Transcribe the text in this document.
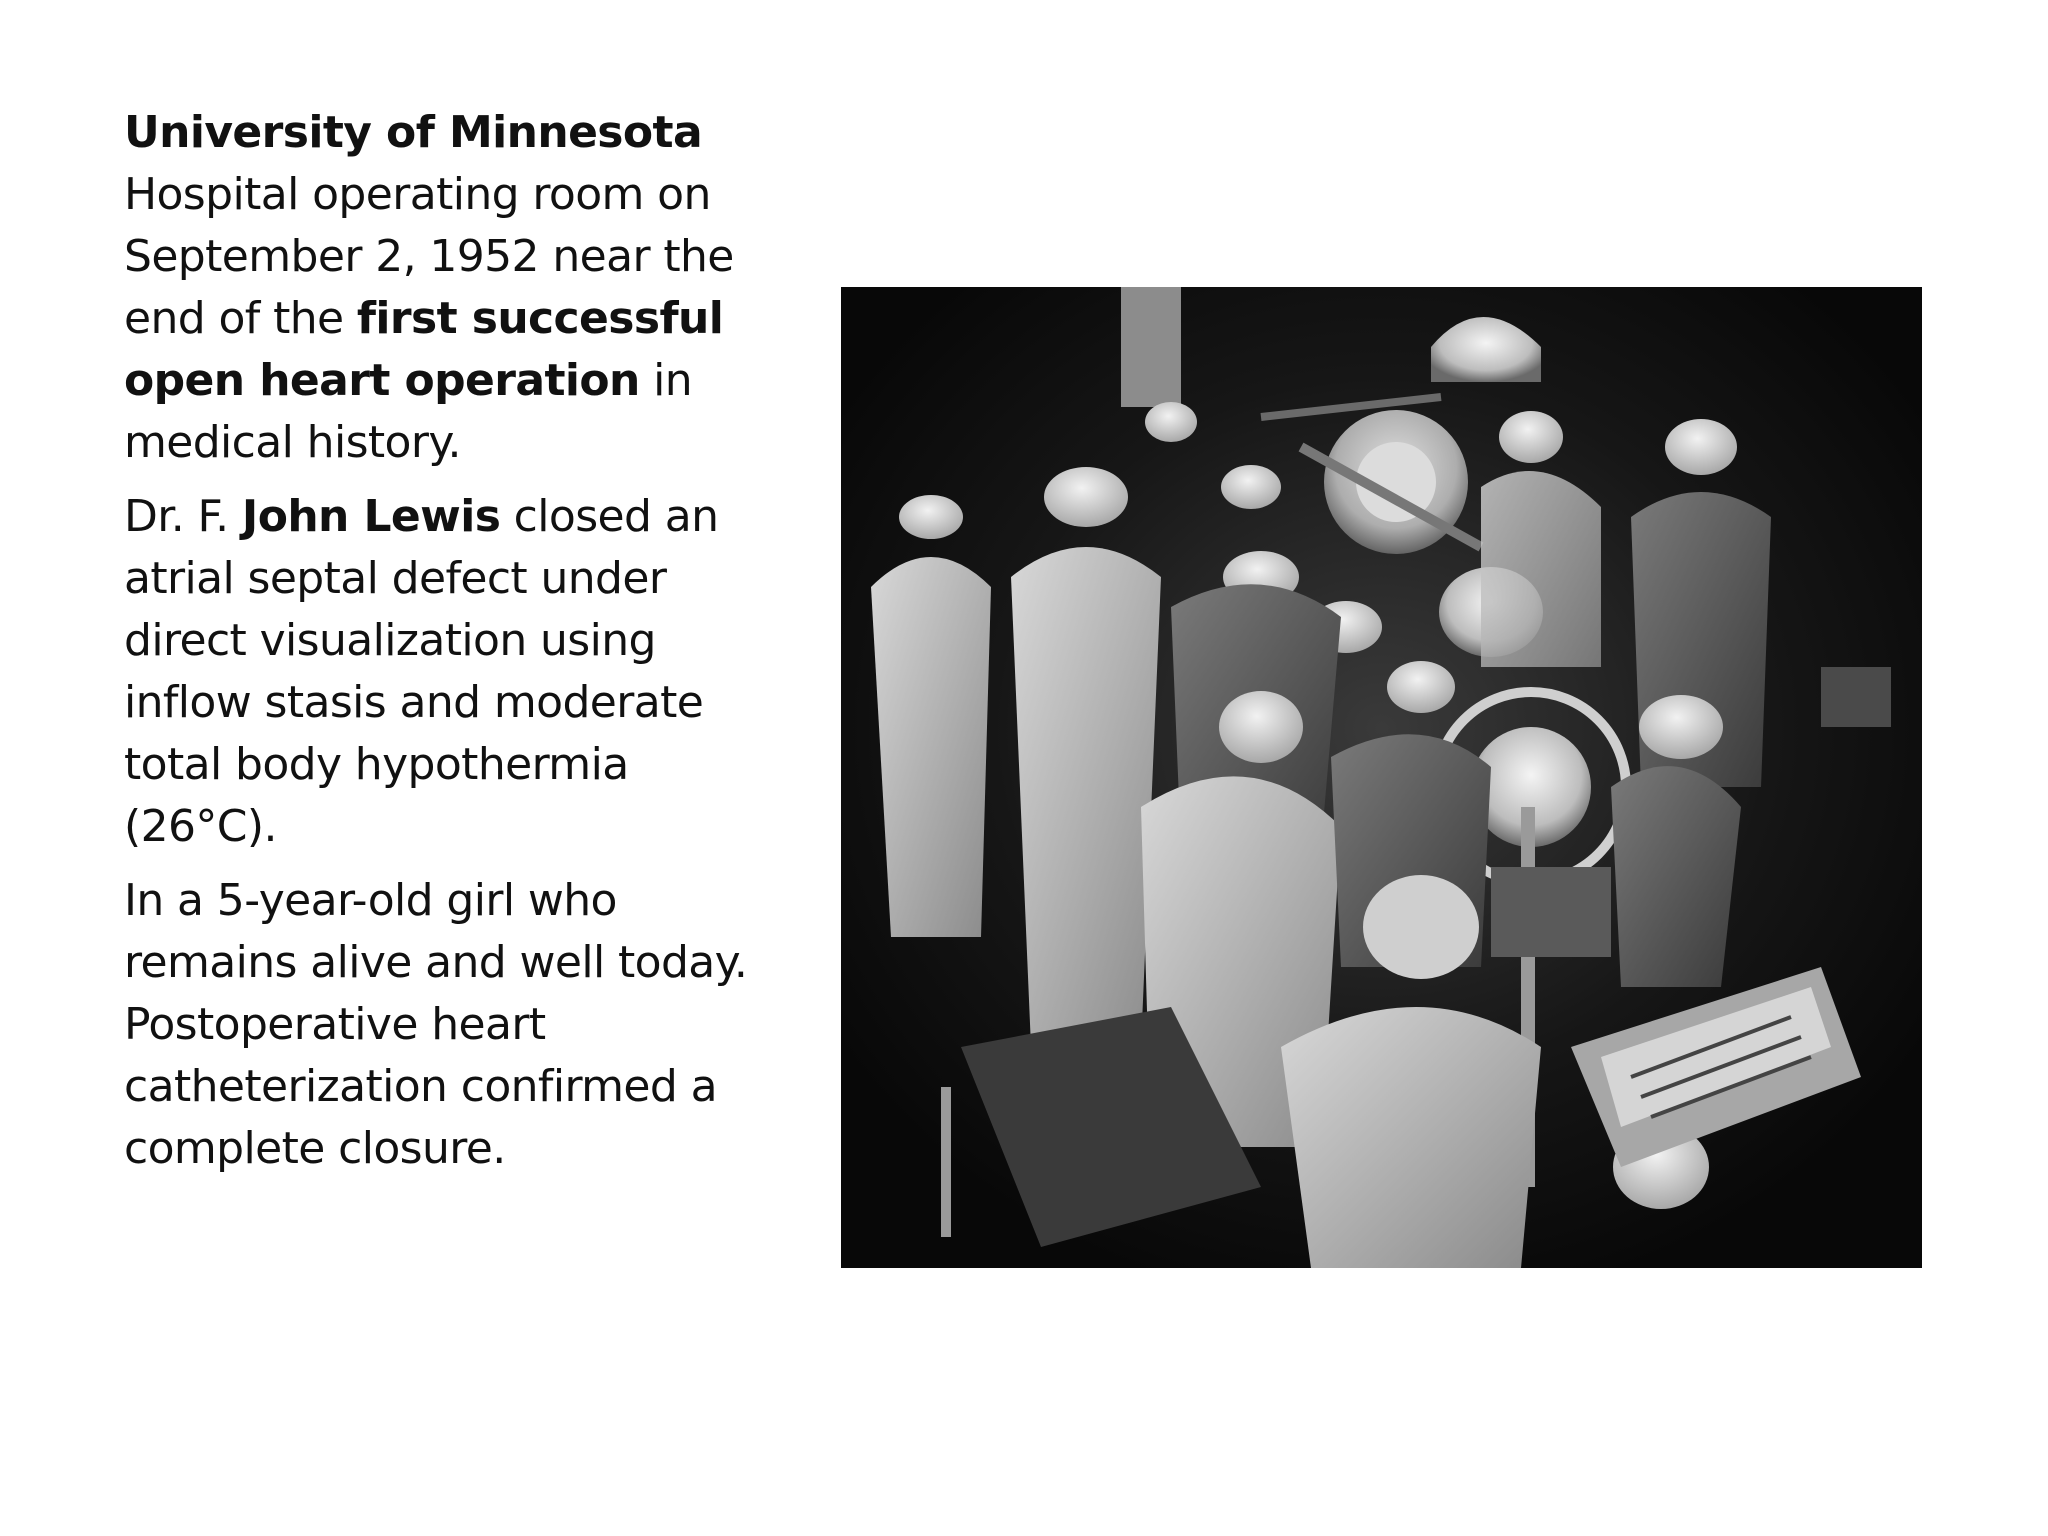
University of Minnesota Hospital operating room on September 2, 1952 near the end of the first successful open heart operation in medical history.

Dr. F. John Lewis closed an atrial septal defect under direct visualization using inflow stasis and moderate total body hypothermia (26°C).

In a 5-year-old girl who remains alive and well today. Postoperative heart catheterization confirmed a complete closure.
